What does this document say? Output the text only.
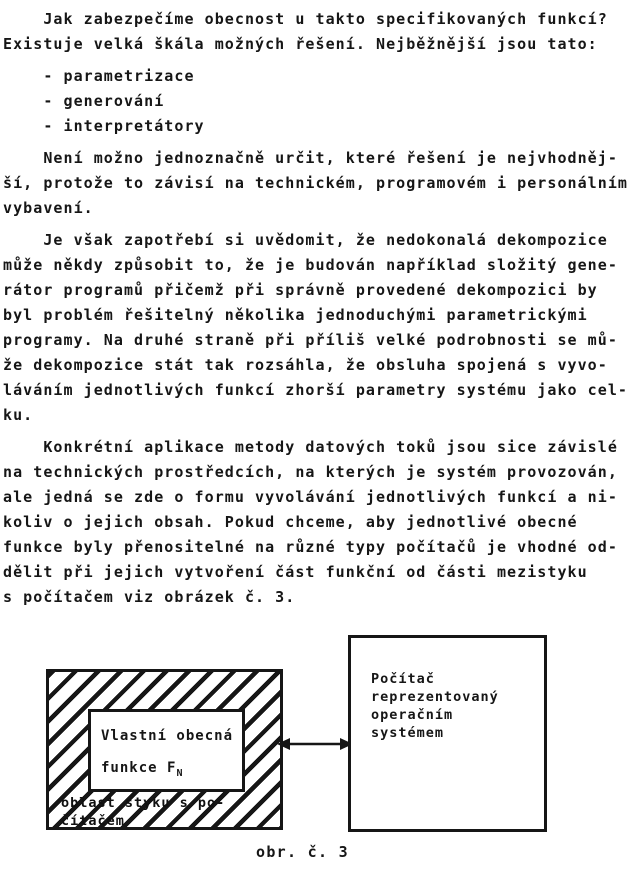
Jak zabezpečíme obecnost u takto specifikovaných funkcí?
Existuje velká škála možných řešení. Nejběžnější jsou tato:
- parametrizace
- generování
- interpretátory
Není možno jednoznačně určit, které řešení je nejvhodněj-
ší, protože to závisí na technickém, programovém i personálním
vybavení.
Je však zapotřebí si uvědomit, že nedokonalá dekompozice
může někdy způsobit to, že je budován například složitý gene-
rátor programů přičemž při správně provedené dekompozici by
byl problém řešitelný několika jednoduchými parametrickými
programy. Na druhé straně při příliš velké podrobnosti se mů-
že dekompozice stát tak rozsáhla, že obsluha spojená s vyvo-
láváním jednotlivých funkcí zhorší parametry systému jako cel-
ku.
Konkrétní aplikace metody datových toků jsou sice závislé
na technických prostředcích, na kterých je systém provozován,
ale jedná se zde o formu vyvolávání jednotlivých funkcí a ni-
koliv o jejich obsah. Pokud chceme, aby jednotlivé obecné
funkce byly přenositelné na různé typy počítačů je vhodné od-
dělit při jejich vytvoření část funkční od části mezistyku
s počítačem viz obrázek č. 3.
Vlastní obecná
funkce $F_N$
oblast styku s po-
čítačem
Počítač
reprezentovaný
operačním
systémem
obr. č. 3
